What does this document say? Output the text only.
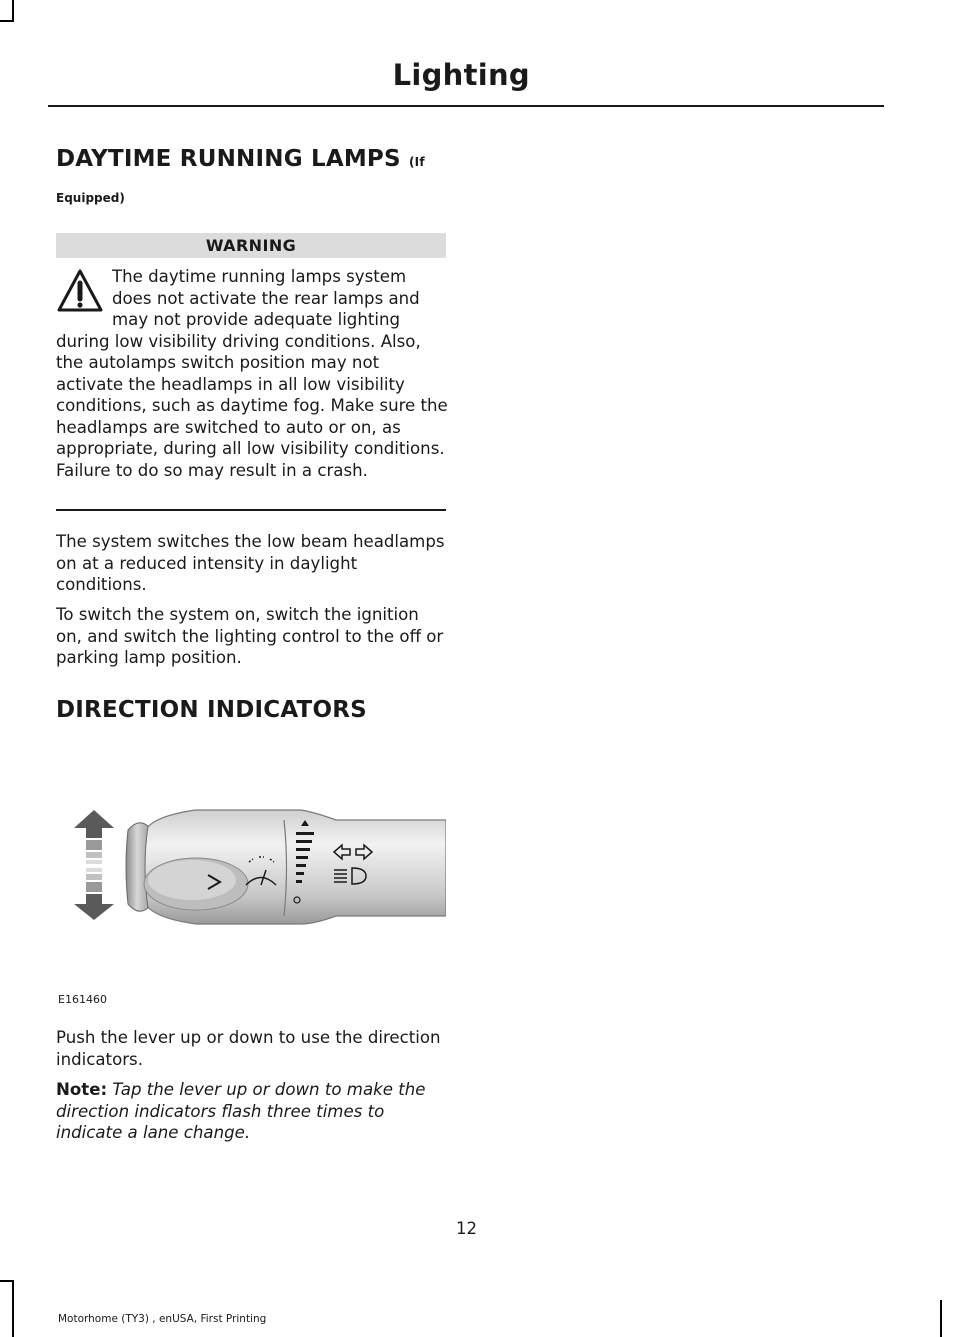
Lighting

DAYTIME RUNNING LAMPS (If

Equipped)
WARNING
The daytime running lamps system does not activate the rear lamps and may not provide adequate lighting during low visibility driving conditions. Also, the autolamps switch position may not activate the headlamps in all low visibility conditions, such as daytime fog. Make sure the headlamps are switched to auto or on, as appropriate, during all low visibility conditions. Failure to do so may result in a crash.

The system switches the low beam headlamps on at a reduced intensity in daylight conditions.

To switch the system on, switch the ignition on, and switch the lighting control to the off or parking lamp position.

DIRECTION INDICATORS

E161460

Push the lever up or down to use the direction indicators.

Note: Tap the lever up or down to make the direction indicators flash three times to indicate a lane change.

12
Motorhome (TY3) , enUSA, First Printing
